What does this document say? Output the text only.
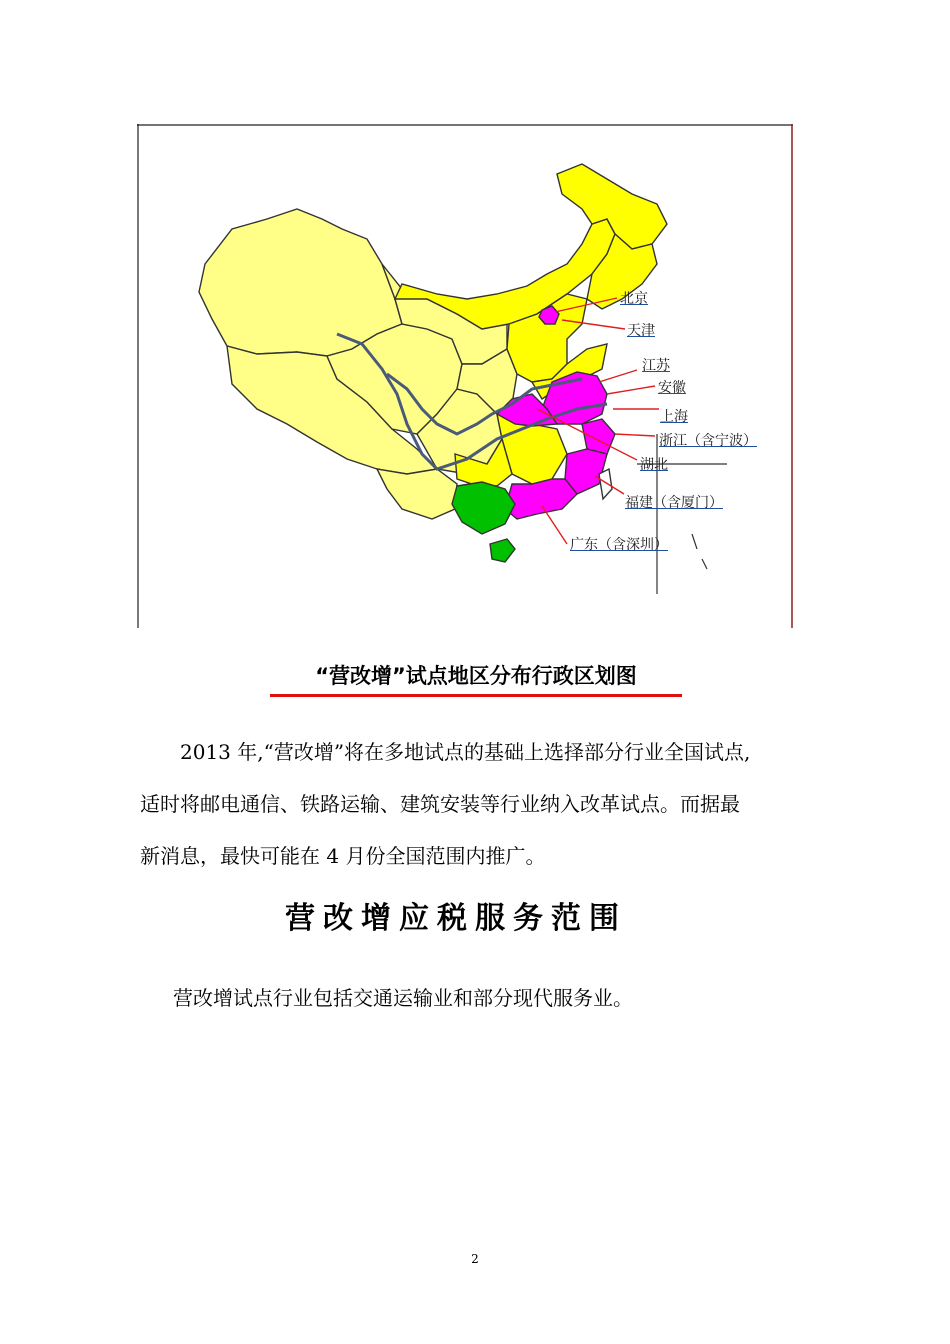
北京
天津
江苏
安徽
上海
浙江（含宁波）
湖北
福建（含厦门）
广东（含深圳）
“营改增”试点地区分布行政区划图
2013 年,“营改增”将在多地试点的基础上选择部分行业全国试点,
适时将邮电通信、铁路运输、建筑安装等行业纳入改革试点。而据最
新消息，最快可能在 4 月份全国范围内推广。
营改增应税服务范围
营改增试点行业包括交通运输业和部分现代服务业。
2
